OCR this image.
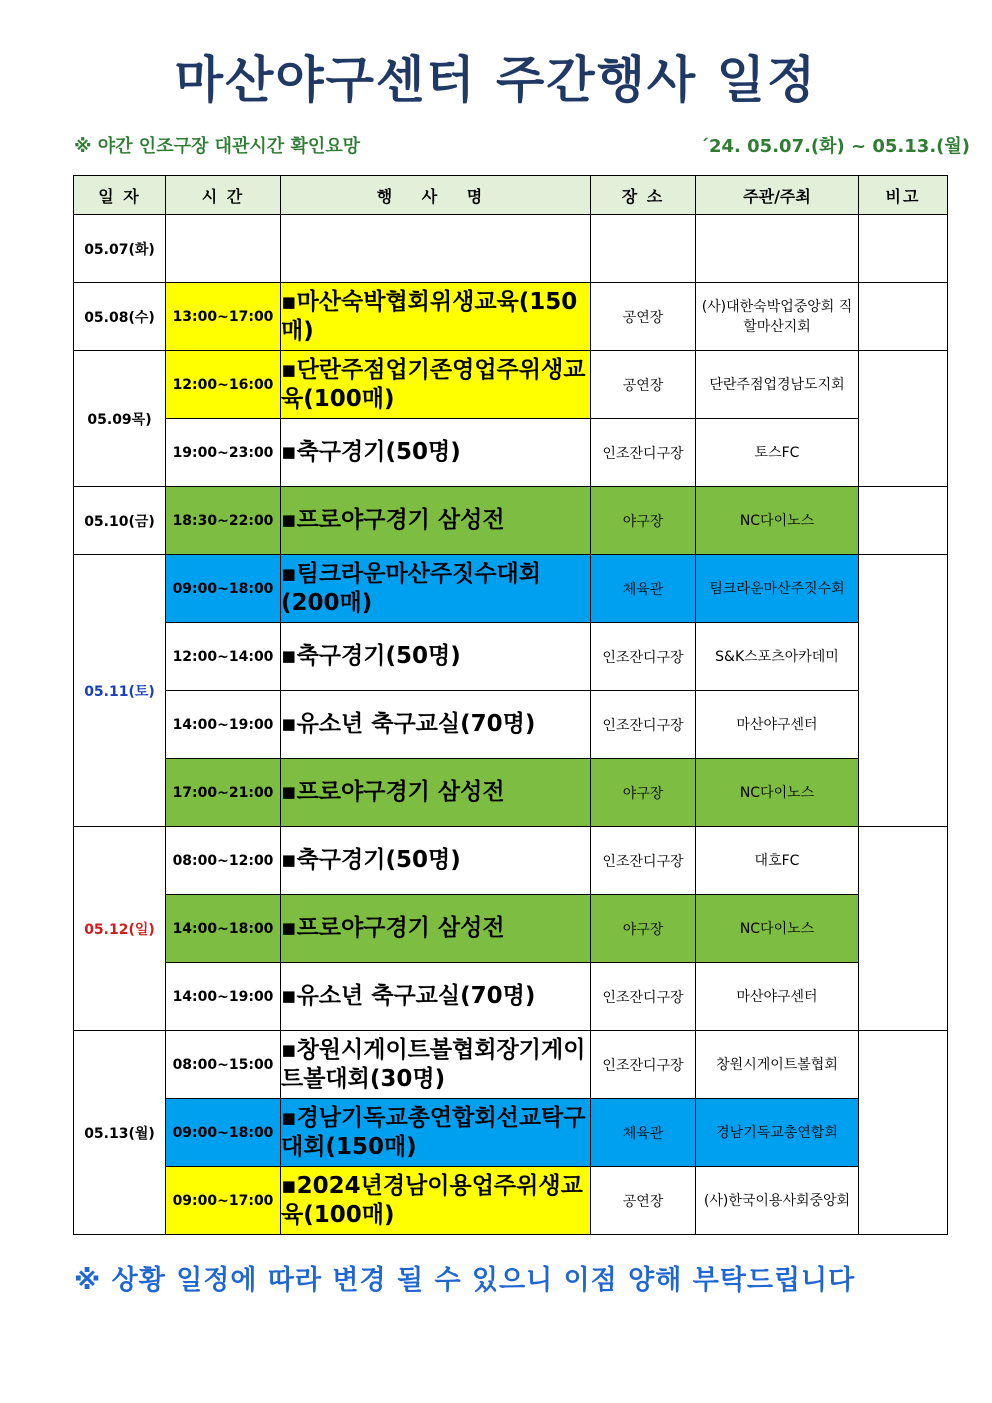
마산야구센터 주간행사 일정
※ 야간 인조구장 대관시간 확인요망	´24. 05.07.(화) ~ 05.13.(월)
일 자	시 간	행 사 명	장 소	주관/주최	비고
05.07(화)					
05.08(수)	13:00~17:00	▪마산숙박협회위생교육(150매)	공연장	(사)대한숙박업중앙회 직할마산지회	
05.09목)	12:00~16:00	▪단란주점업기존영업주위생교육(100매)	공연장	단란주점업경남도지회	
	19:00~23:00	▪축구경기(50명)	인조잔디구장	토스FC	
05.10(금)	18:30~22:00	▪프로야구경기 삼성전	야구장	NC다이노스	
05.11(토)	09:00~18:00	▪팀크라운마산주짓수대회(200매)	체육관	팀크라운마산주짓수회	
	12:00~14:00	▪축구경기(50명)	인조잔디구장	S&K스포츠아카데미	
	14:00~19:00	▪유소년 축구교실(70명)	인조잔디구장	마산야구센터	
	17:00~21:00	▪프로야구경기 삼성전	야구장	NC다이노스	
05.12(일)	08:00~12:00	▪축구경기(50명)	인조잔디구장	대호FC	
	14:00~18:00	▪프로야구경기 삼성전	야구장	NC다이노스	
	14:00~19:00	▪유소년 축구교실(70명)	인조잔디구장	마산야구센터	
05.13(월)	08:00~15:00	▪창원시게이트볼협회장기게이트볼대회(30명)	인조잔디구장	창원시게이트볼협회	
	09:00~18:00	▪경남기독교총연합회선교탁구대회(150매)	체육관	경남기독교총연합회	
	09:00~17:00	▪2024년경남이용업주위생교육(100매)	공연장	(사)한국이용사회중앙회	
※ 상황 일정에 따라 변경 될 수 있으니 이점 양해 부탁드립니다
